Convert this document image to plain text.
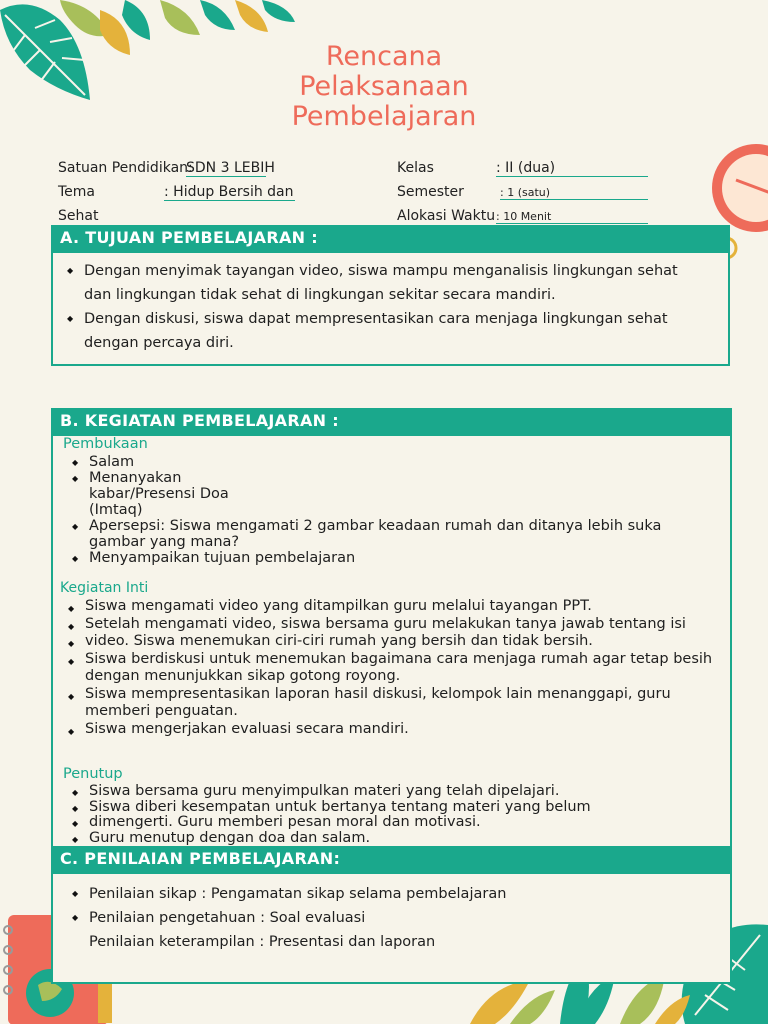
Rencana
Pelaksanaan
Pembelajaran
Satuan Pendidikan:
SDN 3 LEBIH
Tema	: Hidup Bersih dan
Sehat
Kelas	: II (dua)
Semester	: 1 (satu)
Alokasi Waktu : 10 Menit
A. TUJUAN PEMBELAJARAN :
◆ Dengan menyimak tayangan video, siswa mampu menganalisis lingkungan sehat dan lingkungan tidak sehat di lingkungan sekitar secara mandiri.
◆ Dengan diskusi, siswa dapat mempresentasikan cara menjaga lingkungan sehat dengan percaya diri.
B. KEGIATAN PEMBELAJARAN :
Pembukaan
◆ Salam
◆ Menanyakan kabar/Presensi Doa (Imtaq)
◆ Apersepsi: Siswa mengamati 2 gambar keadaan rumah dan ditanya lebih suka gambar yang mana?
◆ Menyampaikan tujuan pembelajaran
Kegiatan Inti
◆ Siswa mengamati video yang ditampilkan guru melalui tayangan PPT.
◆ Setelah mengamati video, siswa bersama guru melakukan tanya jawab tentang isi
◆ video. Siswa menemukan ciri-ciri rumah yang bersih dan tidak bersih.
◆ Siswa berdiskusi untuk menemukan bagaimana cara menjaga rumah agar tetap besih dengan menunjukkan sikap gotong royong.
◆ Siswa mempresentasikan laporan hasil diskusi, kelompok lain menanggapi, guru memberi penguatan.
◆ Siswa mengerjakan evaluasi secara mandiri.
Penutup
◆ Siswa bersama guru menyimpulkan materi yang telah dipelajari.
◆ Siswa diberi kesempatan untuk bertanya tentang materi yang belum
◆ dimengerti. Guru memberi pesan moral dan motivasi.
◆ Guru menutup dengan doa dan salam.
C. PENILAIAN PEMBELAJARAN:
◆ Penilaian sikap : Pengamatan sikap selama pembelajaran
◆ Penilaian pengetahuan : Soal evaluasi
Penilaian keterampilan : Presentasi dan laporan
